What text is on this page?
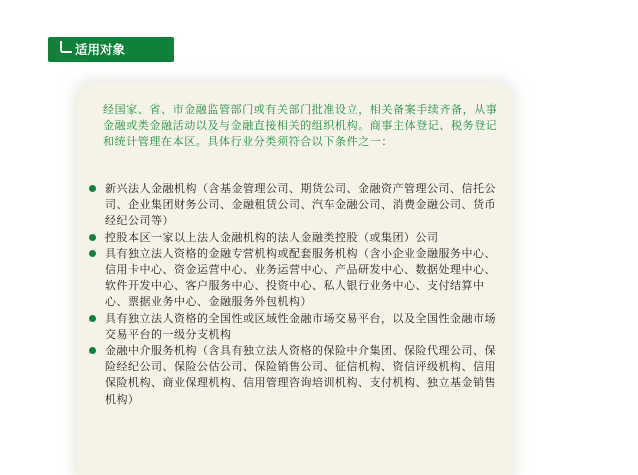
适用对象

经国家、省、市金融监管部门或有关部门批准设立，相关备案手续齐备，从事金融或类金融活动以及与金融直接相关的组织机构。商事主体登记、税务登记和统计管理在本区。具体行业分类须符合以下条件之一：

新兴法人金融机构（含基金管理公司、期货公司、金融资产管理公司、信托公司、企业集团财务公司、金融租赁公司、汽车金融公司、消费金融公司、货币经纪公司等）
控股本区一家以上法人金融机构的法人金融类控股（或集团）公司
具有独立法人资格的金融专营机构或配套服务机构（含小企业金融服务中心、信用卡中心、资金运营中心、业务运营中心、产品研发中心、数据处理中心、软件开发中心、客户服务中心、投资中心、私人银行业务中心、支付结算中心、票据业务中心、金融服务外包机构）
具有独立法人资格的全国性或区域性金融市场交易平台，以及全国性金融市场交易平台的一级分支机构
金融中介服务机构（含具有独立法人资格的保险中介集团、保险代理公司、保险经纪公司、保险公估公司、保险销售公司、征信机构、资信评级机构、信用保险机构、商业保理机构、信用管理咨询培训机构、支付机构、独立基金销售机构）
